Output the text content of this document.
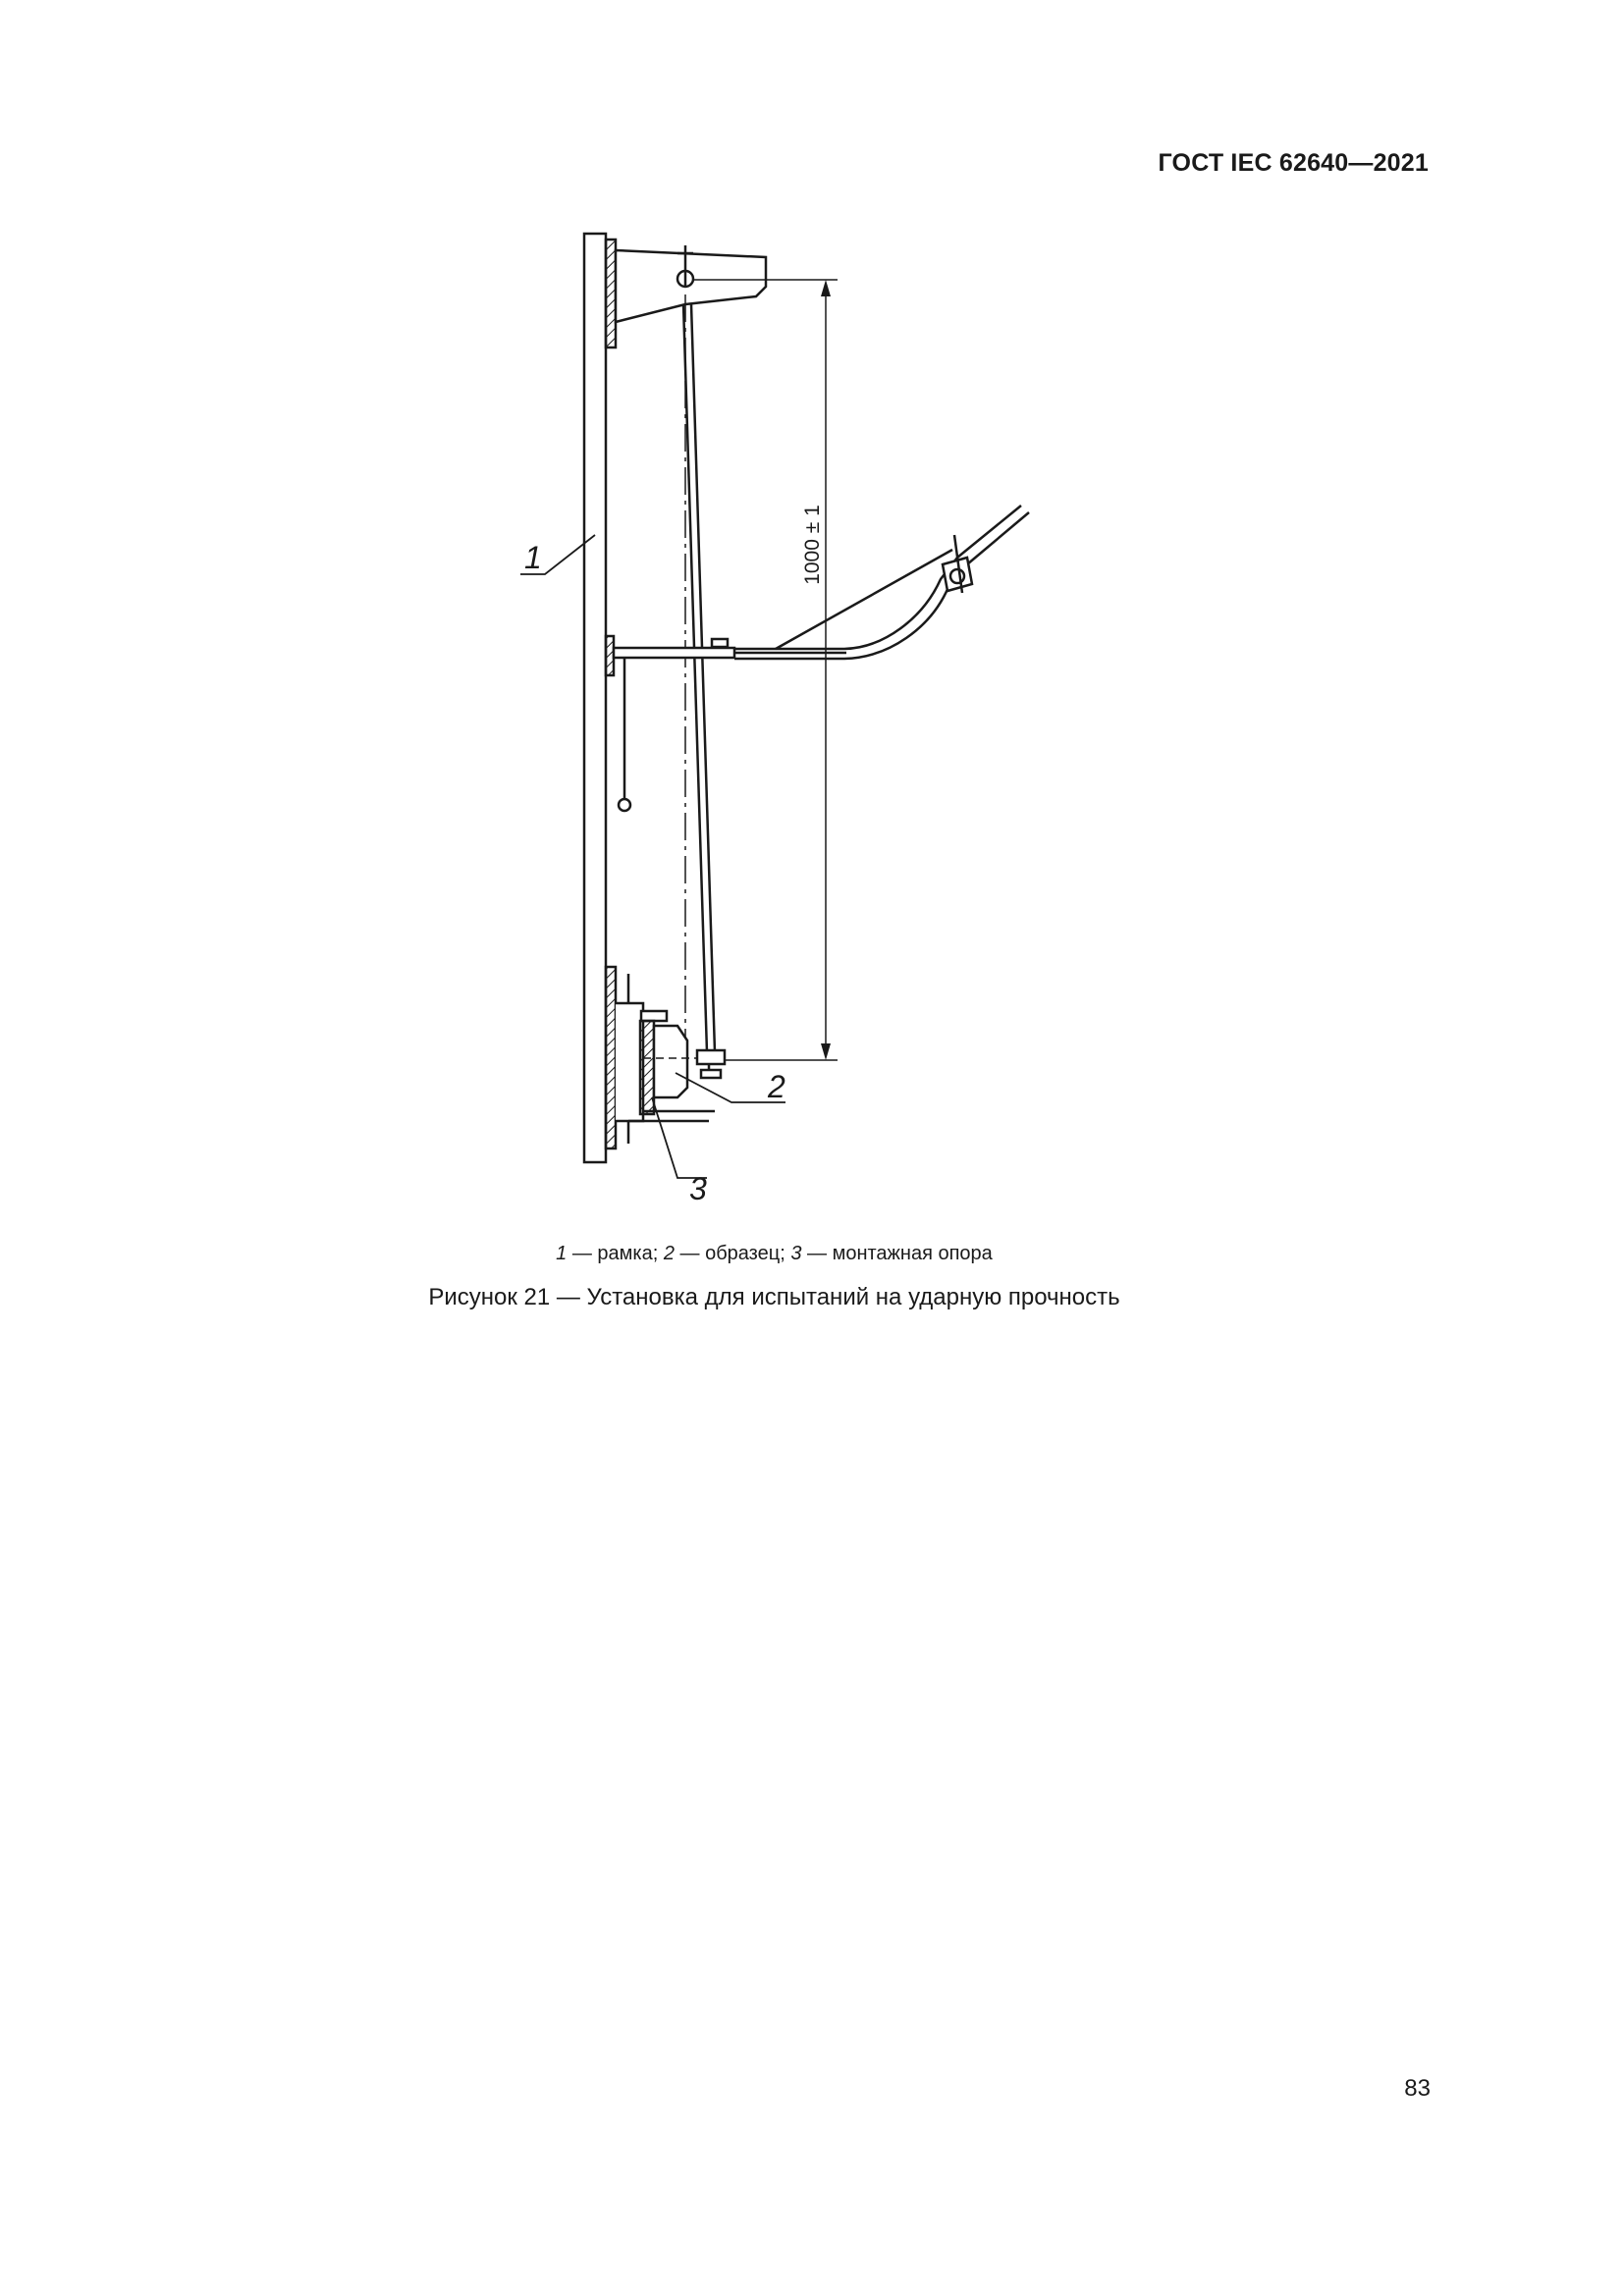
ГОСТ IEC 62640—2021
1000 ± 1
1
2
3
1 — рамка; 2 — образец; 3 — монтажная опора
Рисунок 21 — Установка для испытаний на ударную прочность
83
